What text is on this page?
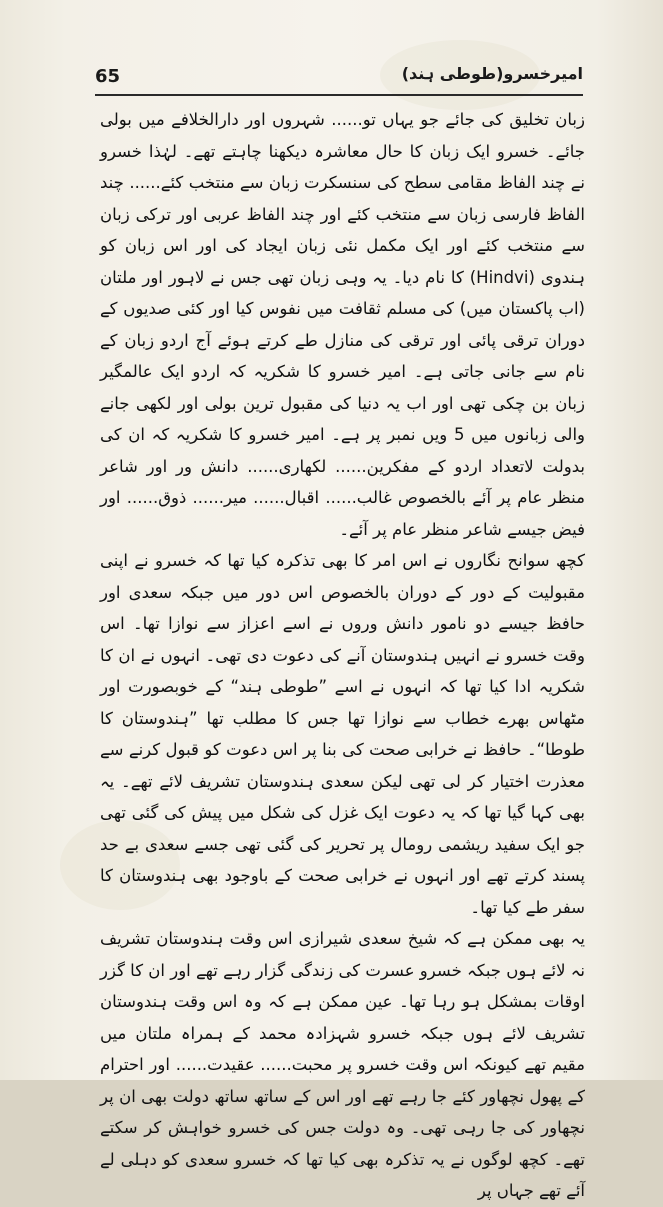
65	امیرخسرو(طوطی ہند)

زبان تخلیق کی جائے جو یہاں تو...... شہروں اور دارالخلافے میں بولی جائے۔ خسرو ایک زبان کا حال معاشرہ دیکھنا چاہتے تھے۔ لہٰذا خسرو نے چند الفاظ مقامی سطح کی سنسکرت زبان سے منتخب کئے...... چند الفاظ فارسی زبان سے منتخب کئے اور چند الفاظ عربی اور ترکی زبان سے منتخب کئے اور ایک مکمل نئی زبان ایجاد کی اور اس زبان کو ہندوی (Hindvi) کا نام دیا۔ یہ وہی زبان تھی جس نے لاہور اور ملتان (اب پاکستان میں) کی مسلم ثقافت میں نفوس کیا اور کئی صدیوں کے دوران ترقی پائی اور ترقی کی منازل طے کرتے ہوئے آج اردو زبان کے نام سے جانی جاتی ہے۔ امیر خسرو کا شکریہ کہ اردو ایک عالمگیر زبان بن چکی تھی اور اب یہ دنیا کی مقبول ترین بولی اور لکھی جانے والی زبانوں میں 5 ویں نمبر پر ہے۔ امیر خسرو کا شکریہ کہ ان کی بدولت لاتعداد اردو کے مفکرین...... لکھاری...... دانش ور اور شاعر منظر عام پر آئے بالخصوص غالب...... اقبال...... میر...... ذوق...... اور فیض جیسے شاعر منظر عام پر آئے۔

کچھ سوانح نگاروں نے اس امر کا بھی تذکرہ کیا تھا کہ خسرو نے اپنی مقبولیت کے دور کے دوران بالخصوص اس دور میں جبکہ سعدی اور حافظ جیسے دو نامور دانش وروں نے اسے اعزاز سے نوازا تھا۔ اس وقت خسرو نے انہیں ہندوستان آنے کی دعوت دی تھی۔ انہوں نے ان کا شکریہ ادا کیا تھا کہ انہوں نے اسے ”طوطی ہند“ کے خوبصورت اور مٹھاس بھرے خطاب سے نوازا تھا جس کا مطلب تھا ”ہندوستان کا طوطا“۔ حافظ نے خرابی صحت کی بنا پر اس دعوت کو قبول کرنے سے معذرت اختیار کر لی تھی لیکن سعدی ہندوستان تشریف لائے تھے۔ یہ بھی کہا گیا تھا کہ یہ دعوت ایک غزل کی شکل میں پیش کی گئی تھی جو ایک سفید ریشمی رومال پر تحریر کی گئی تھی جسے سعدی بے حد پسند کرتے تھے اور انہوں نے خرابی صحت کے باوجود بھی ہندوستان کا سفر طے کیا تھا۔

یہ بھی ممکن ہے کہ شیخ سعدی شیرازی اس وقت ہندوستان تشریف نہ لائے ہوں جبکہ خسرو عسرت کی زندگی گزار رہے تھے اور ان کا گزر اوقات بمشکل ہو رہا تھا۔ عین ممکن ہے کہ وہ اس وقت ہندوستان تشریف لائے ہوں جبکہ خسرو شہزادہ محمد کے ہمراہ ملتان میں مقیم تھے کیونکہ اس وقت خسرو پر محبت...... عقیدت...... اور احترام کے پھول نچھاور کئے جا رہے تھے اور اس کے ساتھ ساتھ دولت بھی ان پر نچھاور کی جا رہی تھی۔ وہ دولت جس کی خسرو خواہش کر سکتے تھے۔ کچھ لوگوں نے یہ تذکرہ بھی کیا تھا کہ خسرو سعدی کو دہلی لے آئے تھے جہاں پر
